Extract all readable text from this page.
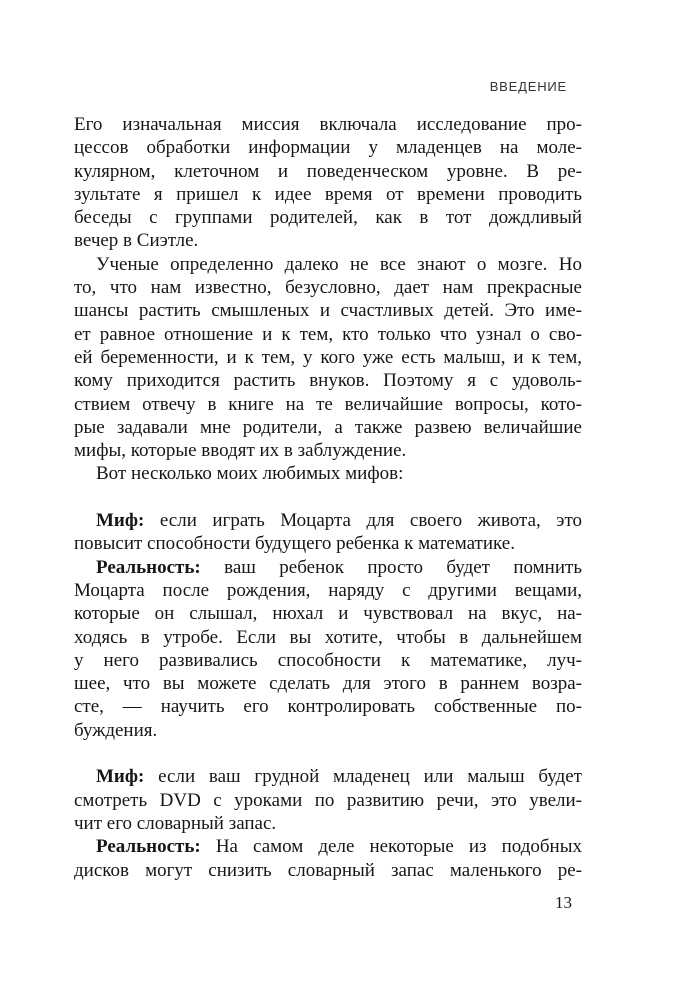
ВВЕДЕНИЕ
Его изначальная миссия включала исследование про-
цессов обработки информации у младенцев на моле-
кулярном, клеточном и поведенческом уровне. В ре-
зультате я пришел к идее время от времени проводить
беседы с группами родителей, как в тот дождливый
вечер в Сиэтле.
Ученые определенно далеко не все знают о мозге. Но
то, что нам известно, безусловно, дает нам прекрасные
шансы растить смышленых и счастливых детей. Это име-
ет равное отношение и к тем, кто только что узнал о сво-
ей беременности, и к тем, у кого уже есть малыш, и к тем,
кому приходится растить внуков. Поэтому я с удоволь-
ствием отвечу в книге на те величайшие вопросы, кото-
рые задавали мне родители, а также развею величайшие
мифы, которые вводят их в заблуждение.
Вот несколько моих любимых мифов:
Миф: если играть Моцарта для своего живота, это
повысит способности будущего ребенка к математике.
Реальность: ваш ребенок просто будет помнить
Моцарта после рождения, наряду с другими вещами,
которые он слышал, нюхал и чувствовал на вкус, на-
ходясь в утробе. Если вы хотите, чтобы в дальнейшем
у него развивались способности к математике, луч-
шее, что вы можете сделать для этого в раннем возра-
сте, — научить его контролировать собственные по-
буждения.
Миф: если ваш грудной младенец или малыш будет
смотреть DVD с уроками по развитию речи, это увели-
чит его словарный запас.
Реальность: На самом деле некоторые из подобных
дисков могут снизить словарный запас маленького ре-
13
